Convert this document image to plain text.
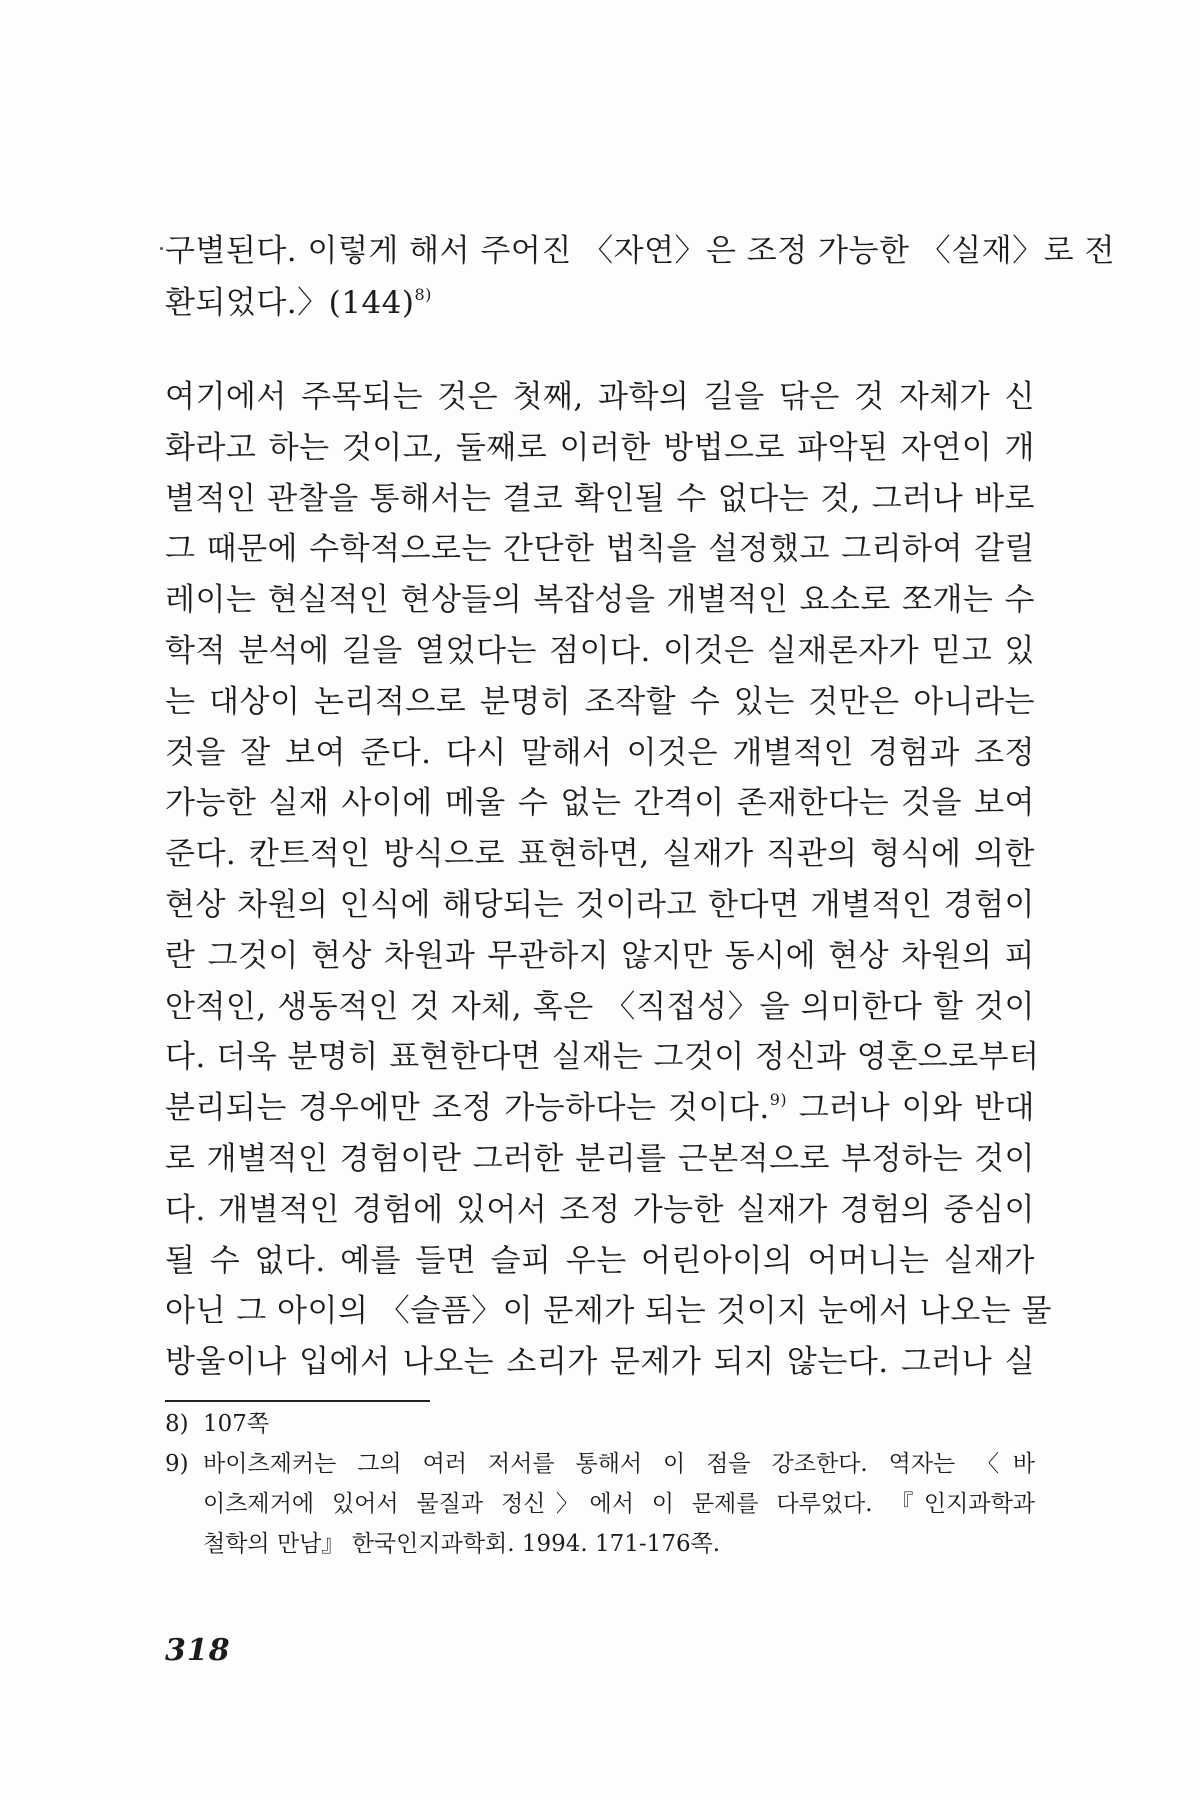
구별된다. 이렇게 해서 주어진 〈자연〉은 조정 가능한 〈실재〉로 전
환되었다.〉$(144)^{8)}$
여기에서 주목되는 것은 첫째, 과학의 길을 닦은 것 자체가 신
화라고 하는 것이고, 둘째로 이러한 방법으로 파악된 자연이 개
별적인 관찰을 통해서는 결코 확인될 수 없다는 것, 그러나 바로
그 때문에 수학적으로는 간단한 법칙을 설정했고 그리하여 갈릴
레이는 현실적인 현상들의 복잡성을 개별적인 요소로 쪼개는 수
학적 분석에 길을 열었다는 점이다. 이것은 실재론자가 믿고 있
는 대상이 논리적으로 분명히 조작할 수 있는 것만은 아니라는
것을 잘 보여 준다. 다시 말해서 이것은 개별적인 경험과 조정
가능한 실재 사이에 메울 수 없는 간격이 존재한다는 것을 보여
준다. 칸트적인 방식으로 표현하면, 실재가 직관의 형식에 의한
현상 차원의 인식에 해당되는 것이라고 한다면 개별적인 경험이
란 그것이 현상 차원과 무관하지 않지만 동시에 현상 차원의 피
안적인, 생동적인 것 자체, 혹은 〈직접성〉을 의미한다 할 것이
다. 더욱 분명히 표현한다면 실재는 그것이 정신과 영혼으로부터
분리되는 경우에만 조정 가능하다는 것이다.$^{9)}$ 그러나 이와 반대
로 개별적인 경험이란 그러한 분리를 근본적으로 부정하는 것이
다. 개별적인 경험에 있어서 조정 가능한 실재가 경험의 중심이
될 수 없다. 예를 들면 슬피 우는 어린아이의 어머니는 실재가
아닌 그 아이의 〈슬픔〉이 문제가 되는 것이지 눈에서 나오는 물
방울이나 입에서 나오는 소리가 문제가 되지 않는다. 그러나 실
8) 107쪽
9) 바이츠제커는 그의 여러 저서를 통해서 이 점을 강조한다. 역자는 〈바
이츠제거에 있어서 물질과 정신〉에서 이 문제를 다루었다. 『인지과학과
철학의 만남』 한국인지과학회. 1994. 171-176쪽.
318
